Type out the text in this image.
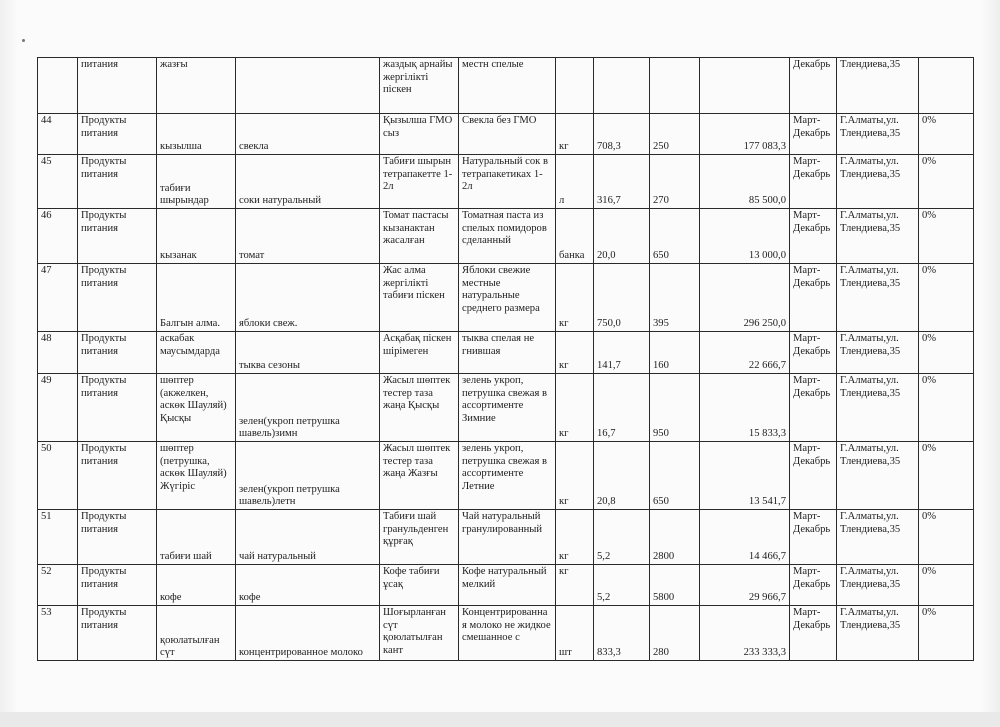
	питания	жазғы		жаздық арнайы жергілікті піскен	местн спелые					Декабрь	Тлендиева,35	
44	Продукты питания	кызылша	свекла	Қызылша ГМО сыз	Свекла без ГМО	кг	708,3	250	177 083,3	Март-Декабрь	Г.Алматы,ул. Тлендиева,35	0%
45	Продукты питания	табиғи шырындар	соки натуральный	Табиғи шырын тетрапакетте 1-2л	Натуральный сок в тетрапакетиках 1-2л	л	316,7	270	85 500,0	Март-Декабрь	Г.Алматы,ул. Тлендиева,35	0%
46	Продукты питания	кызанак	томат	Томат пастасы кызанактан жасалған	Томатная паста из спелых помидоров сделанный	банка	20,0	650	13 000,0	Март-Декабрь	Г.Алматы,ул. Тлендиева,35	0%
47	Продукты питания	Балгын алма.	яблоки свеж.	Жас алма жергілікті табиғи піскен	Яблоки свежие местные натуральные среднего размера	кг	750,0	395	296 250,0	Март-Декабрь	Г.Алматы,ул. Тлендиева,35	0%
48	Продукты питания	аскабак маусымдарда	тыква сезоны	Асқабақ піскен шірімеген	тыква спелая не гнившая	кг	141,7	160	22 666,7	Март-Декабрь	Г.Алматы,ул. Тлендиева,35	0%
49	Продукты питания	шөптер (акжелкен, аскөк Шауляй) Қысқы	зелен(укроп петрушка шавель)зимн	Жасыл шөптек тестер таза жаңа Қысқы	зелень укроп, петрушка свежая в ассортименте Зимние	кг	16,7	950	15 833,3	Март-Декабрь	Г.Алматы,ул. Тлендиева,35	0%
50	Продукты питания	шөптер (петрушка, аскөк Шауляй) Жүгіріс	зелен(укроп петрушка шавель)летн	Жасыл шөптек тестер таза жаңа Жазғы	зелень укроп, петрушка свежая в ассортименте Летние	кг	20,8	650	13 541,7	Март-Декабрь	Г.Алматы,ул. Тлендиева,35	0%
51	Продукты питания	табиғи шай	чай натуральный	Табиғи шай гранульденген құрғақ	Чай натуральный гранулированный	кг	5,2	2800	14 466,7	Март-Декабрь	Г.Алматы,ул. Тлендиева,35	0%
52	Продукты питания	кофе	кофе	Кофе табиғи ұсақ	Кофе натуральный мелкий	кг	5,2	5800	29 966,7	Март-Декабрь	Г.Алматы,ул. Тлендиева,35	0%
53	Продукты питания	қоюлатылған сүт	концентрированное молоко	Шоғырланған сүт қоюлатылған кант	Концентрированная молоко не жидкое смешанное с	шт	833,3	280	233 333,3	Март-Декабрь	Г.Алматы,ул. Тлендиева,35	0%
